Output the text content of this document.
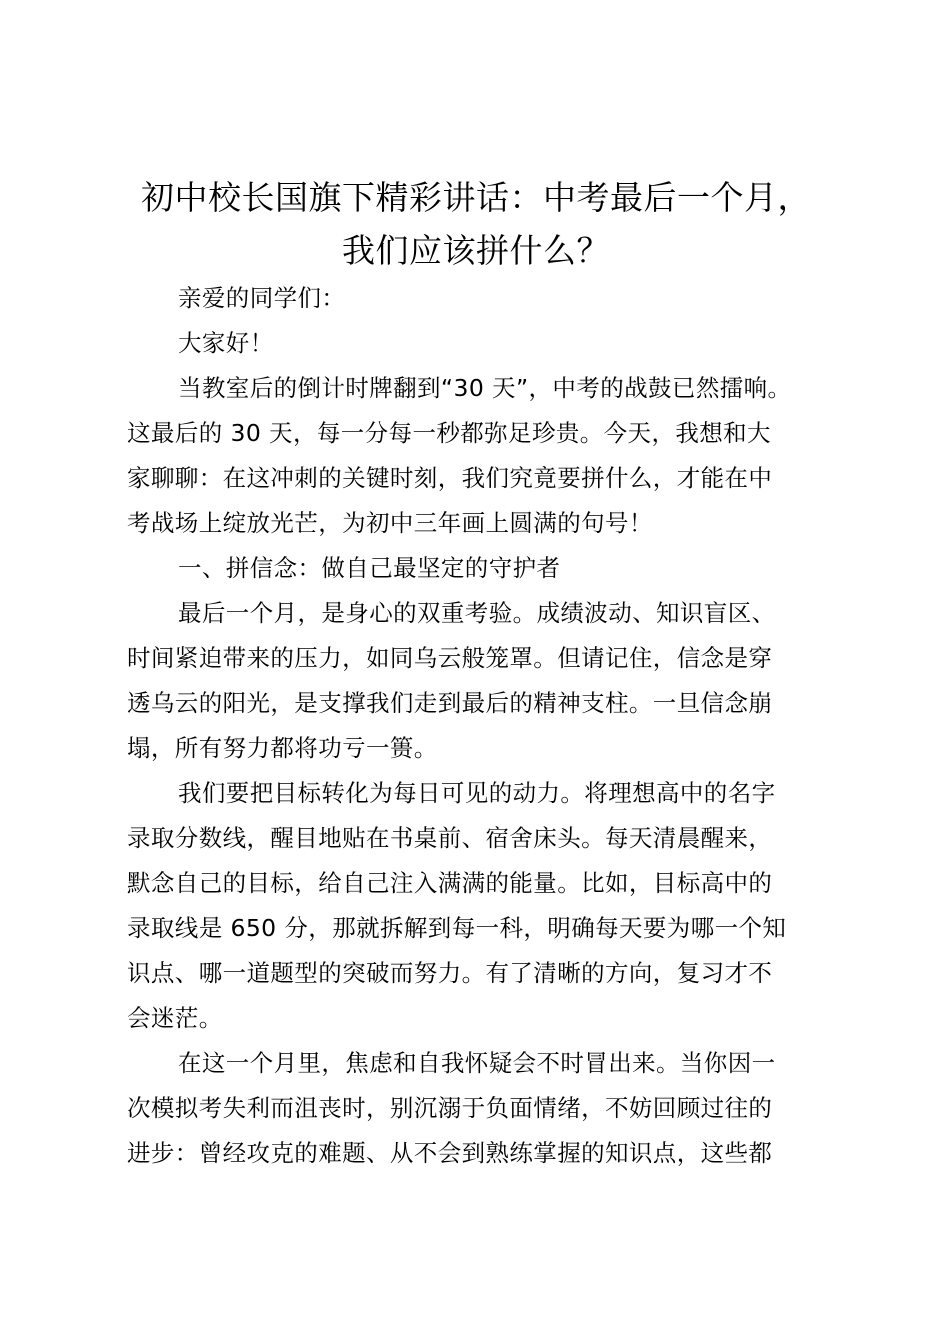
初中校长国旗下精彩讲话：中考最后一个月，
我们应该拼什么？

亲爱的同学们：

大家好！

当教室后的倒计时牌翻到“30 天”，中考的战鼓已然擂响。

这最后的 30 天，每一分每一秒都弥足珍贵。今天，我想和大

家聊聊：在这冲刺的关键时刻，我们究竟要拼什么，才能在中

考战场上绽放光芒，为初中三年画上圆满的句号！

一、拼信念：做自己最坚定的守护者

最后一个月，是身心的双重考验。成绩波动、知识盲区、

时间紧迫带来的压力，如同乌云般笼罩。但请记住，信念是穿

透乌云的阳光，是支撑我们走到最后的精神支柱。一旦信念崩

塌，所有努力都将功亏一篑。

我们要把目标转化为每日可见的动力。将理想高中的名字

录取分数线，醒目地贴在书桌前、宿舍床头。每天清晨醒来，

默念自己的目标，给自己注入满满的能量。比如，目标高中的

录取线是 650 分，那就拆解到每一科，明确每天要为哪一个知

识点、哪一道题型的突破而努力。有了清晰的方向，复习才不

会迷茫。

在这一个月里，焦虑和自我怀疑会不时冒出来。当你因一

次模拟考失利而沮丧时，别沉溺于负面情绪，不妨回顾过往的

进步：曾经攻克的难题、从不会到熟练掌握的知识点，这些都
